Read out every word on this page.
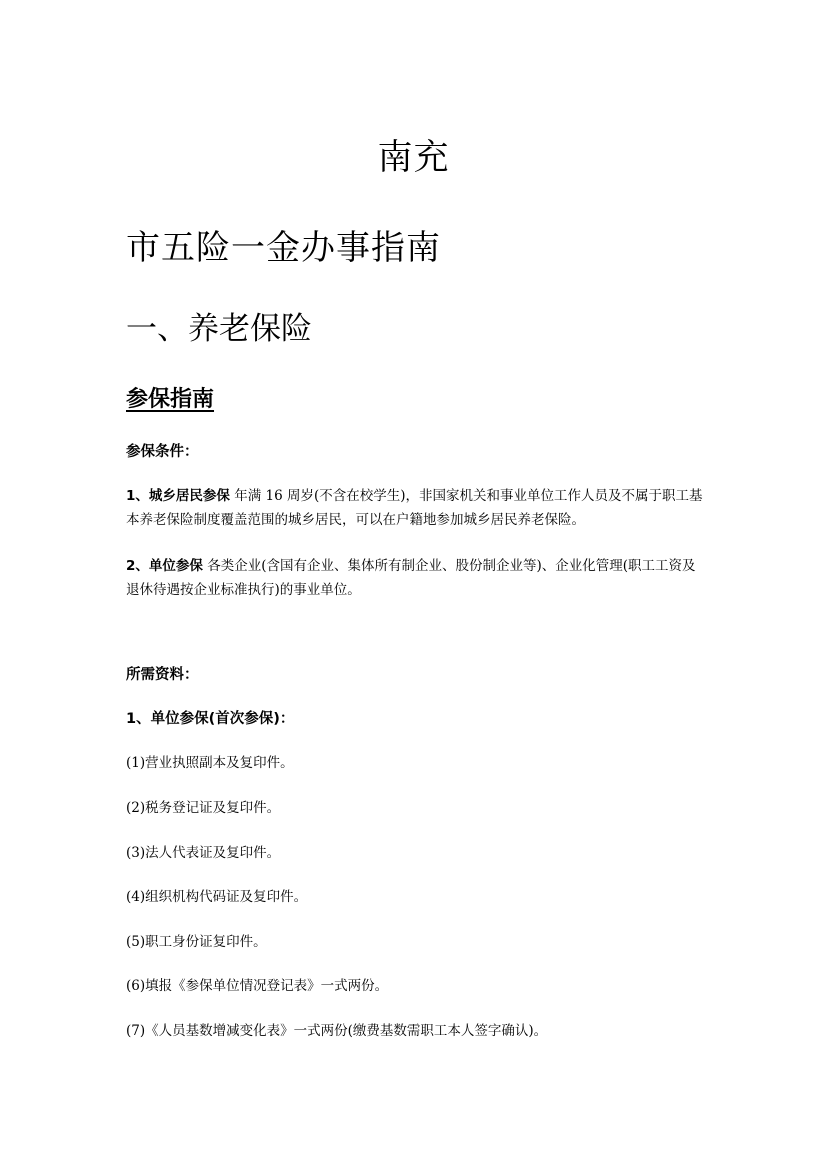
南充
市五险一金办事指南
一、养老保险
参保指南
参保条件：
1、城乡居民参保 年满 16 周岁(不含在校学生)，非国家机关和事业单位工作人员及不属于职工基本养老保险制度覆盖范围的城乡居民，可以在户籍地参加城乡居民养老保险。
2、单位参保 各类企业(含国有企业、集体所有制企业、股份制企业等)、企业化管理(职工工资及退休待遇按企业标准执行)的事业单位。
所需资料：
1、单位参保(首次参保)：
(1)营业执照副本及复印件。
(2)税务登记证及复印件。
(3)法人代表证及复印件。
(4)组织机构代码证及复印件。
(5)职工身份证复印件。
(6)填报《参保单位情况登记表》一式两份。
(7)《人员基数增减变化表》一式两份(缴费基数需职工本人签字确认)。
